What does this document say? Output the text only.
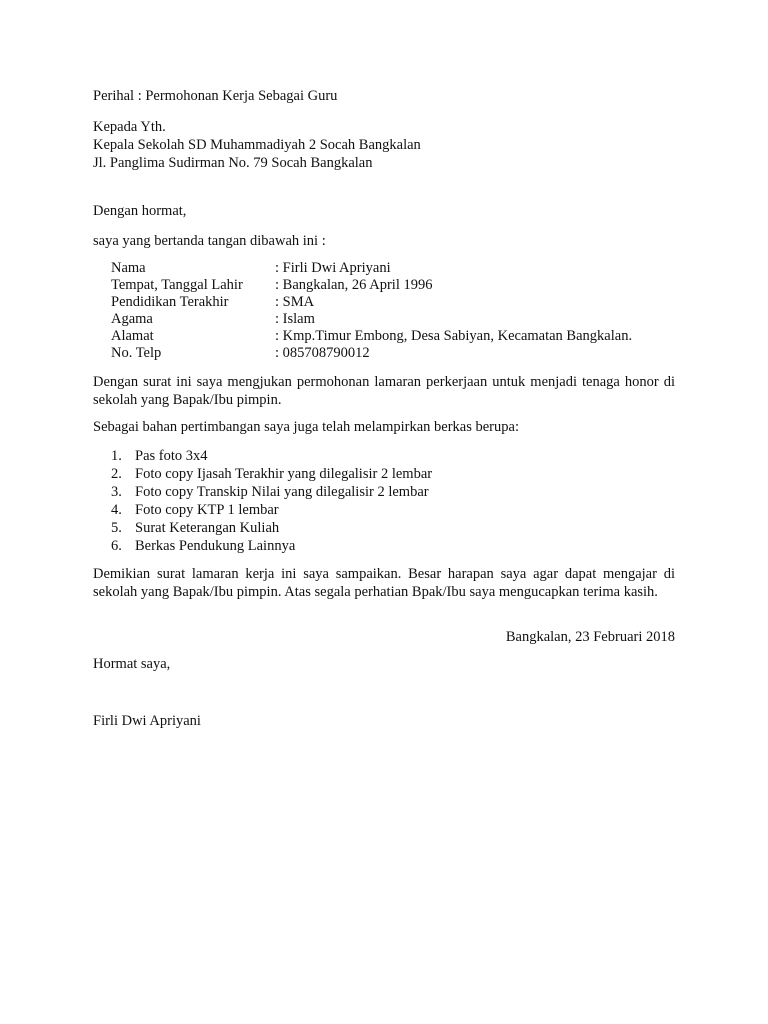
Perihal : Permohonan Kerja Sebagai Guru
Kepada Yth.
Kepala Sekolah SD Muhammadiyah 2 Socah Bangkalan
Jl. Panglima Sudirman No. 79 Socah Bangkalan
Dengan hormat,
saya yang bertanda tangan dibawah ini :
Nama	: Firli Dwi Apriyani
Tempat, Tanggal Lahir	: Bangkalan, 26 April 1996
Pendidikan Terakhir	: SMA
Agama	: Islam
Alamat	: Kmp.Timur Embong, Desa Sabiyan, Kecamatan Bangkalan.
No. Telp	: 085708790012

Dengan surat ini saya mengjukan permohonan lamaran perkerjaan untuk menjadi tenaga honor di sekolah yang Bapak/Ibu pimpin.

Sebagai bahan pertimbangan saya juga telah melampirkan berkas berupa:

1. Pas foto 3x4
2. Foto copy Ijasah Terakhir yang dilegalisir 2 lembar
3. Foto copy Transkip Nilai yang dilegalisir 2 lembar
4. Foto copy KTP 1 lembar
5. Surat Keterangan Kuliah
6. Berkas Pendukung Lainnya

Demikian surat lamaran kerja ini saya sampaikan. Besar harapan saya agar dapat mengajar di sekolah yang Bapak/Ibu pimpin. Atas segala perhatian Bpak/Ibu saya mengucapkan terima kasih.

Bangkalan, 23 Februari 2018
Hormat saya,
Firli Dwi Apriyani
